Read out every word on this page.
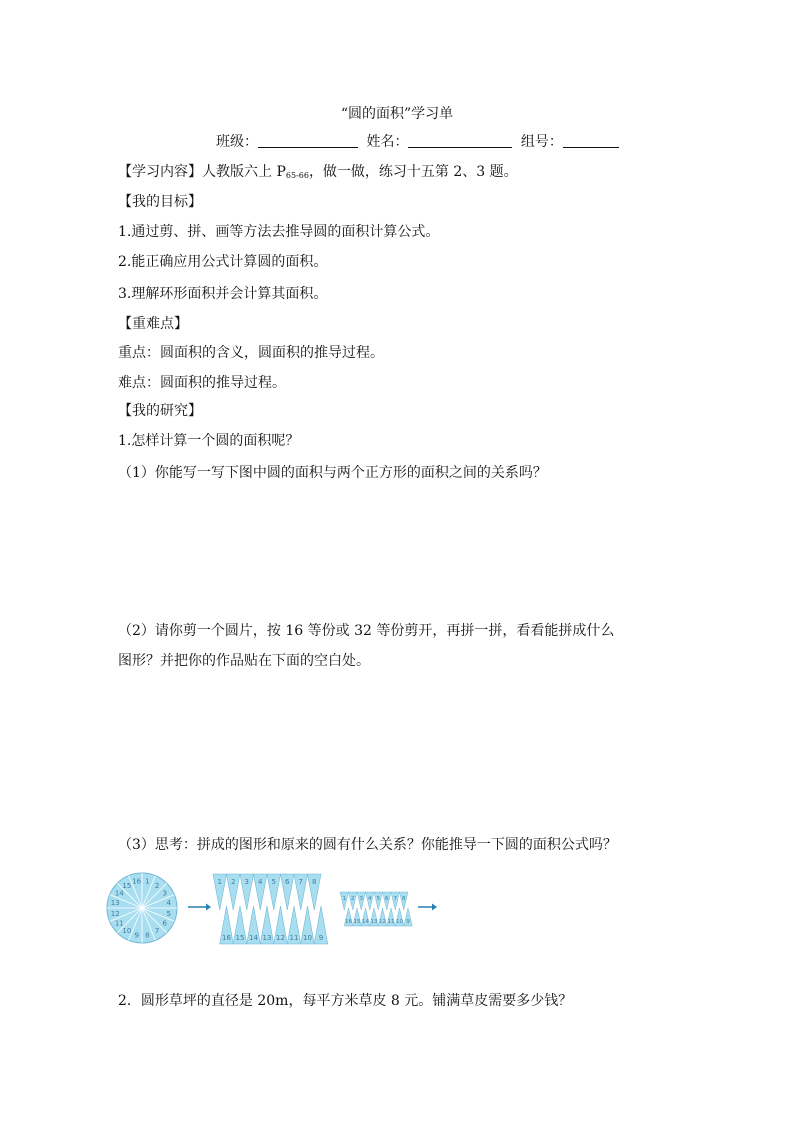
“圆的面积”学习单
班级：	姓名：	组号：
【学习内容】人教版六上 $P_{65-66}$，做一做，练习十五第 2、3 题。
【我的目标】
1.通过剪、拼、画等方法去推导圆的面积计算公式。
2.能正确应用公式计算圆的面积。
3.理解环形面积并会计算其面积。
【重难点】
重点：圆面积的含义，圆面积的推导过程。
难点：圆面积的推导过程。
【我的研究】
1.怎样计算一个圆的面积呢？
（1）你能写一写下图中圆的面积与两个正方形的面积之间的关系吗？
（2）请你剪一个圆片，按 16 等份或 32 等份剪开，再拼一拼，看看能拼成什么
图形？并把你的作品贴在下面的空白处。
（3）思考：拼成的图形和原来的圆有什么关系？你能推导一下圆的面积公式吗？
1
2
3
4
5
6
7
8
9
10
11
12
13
14
15
16	1 2 3 4 5 6 7 8
16 15 14 13 12 11 10 9
1 2 3 4 5 6 7 8
16 15 14 13 12 11 10 9
2．圆形草坪的直径是 20m，每平方米草皮 8 元。铺满草皮需要多少钱？
